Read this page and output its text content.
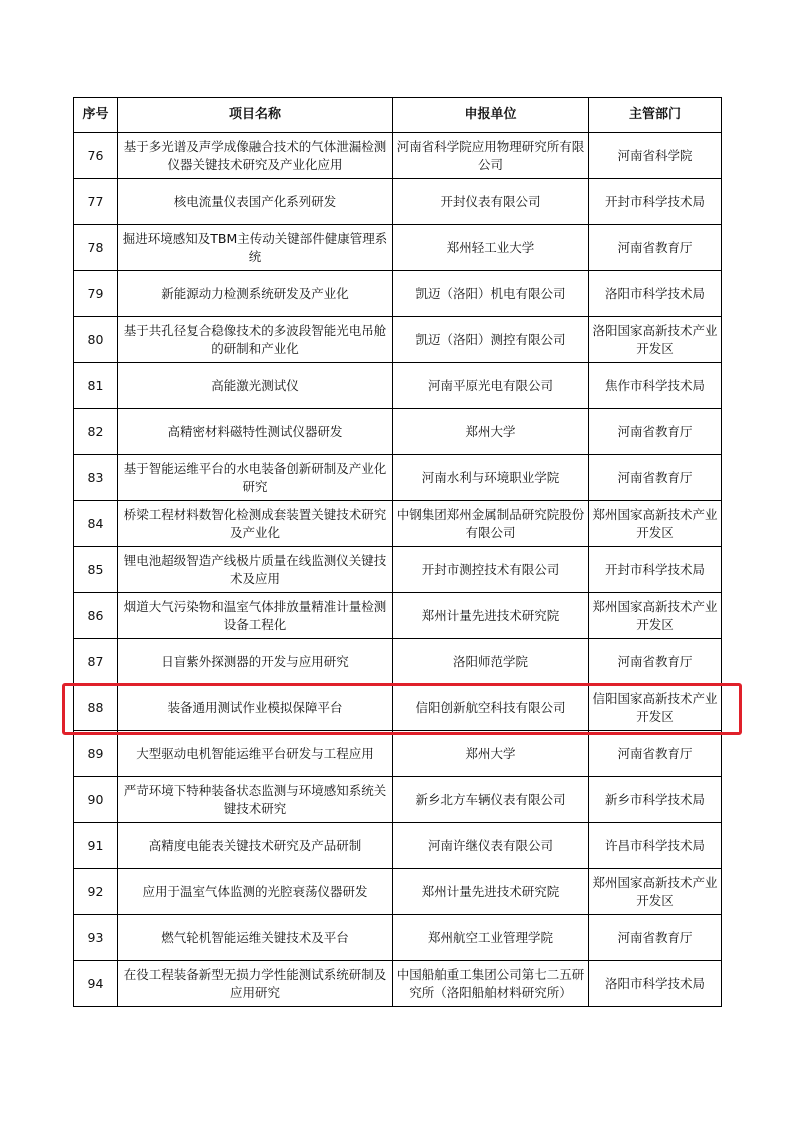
序号	项目名称	申报单位	主管部门
76	基于多光谱及声学成像融合技术的气体泄漏检测仪器关键技术研究及产业化应用	河南省科学院应用物理研究所有限公司	河南省科学院
77	核电流量仪表国产化系列研发	开封仪表有限公司	开封市科学技术局
78	掘进环境感知及TBM主传动关键部件健康管理系统	郑州轻工业大学	河南省教育厅
79	新能源动力检测系统研发及产业化	凯迈（洛阳）机电有限公司	洛阳市科学技术局
80	基于共孔径复合稳像技术的多波段智能光电吊舱的研制和产业化	凯迈（洛阳）测控有限公司	洛阳国家高新技术产业开发区
81	高能激光测试仪	河南平原光电有限公司	焦作市科学技术局
82	高精密材料磁特性测试仪器研发	郑州大学	河南省教育厅
83	基于智能运维平台的水电装备创新研制及产业化研究	河南水利与环境职业学院	河南省教育厅
84	桥梁工程材料数智化检测成套装置关键技术研究及产业化	中钢集团郑州金属制品研究院股份有限公司	郑州国家高新技术产业开发区
85	锂电池超级智造产线极片质量在线监测仪关键技术及应用	开封市测控技术有限公司	开封市科学技术局
86	烟道大气污染物和温室气体排放量精准计量检测设备工程化	郑州计量先进技术研究院	郑州国家高新技术产业开发区
87	日盲紫外探测器的开发与应用研究	洛阳师范学院	河南省教育厅
88	装备通用测试作业模拟保障平台	信阳创新航空科技有限公司	信阳国家高新技术产业开发区
89	大型驱动电机智能运维平台研发与工程应用	郑州大学	河南省教育厅
90	严苛环境下特种装备状态监测与环境感知系统关键技术研究	新乡北方车辆仪表有限公司	新乡市科学技术局
91	高精度电能表关键技术研究及产品研制	河南许继仪表有限公司	许昌市科学技术局
92	应用于温室气体监测的光腔衰荡仪器研发	郑州计量先进技术研究院	郑州国家高新技术产业开发区
93	燃气轮机智能运维关键技术及平台	郑州航空工业管理学院	河南省教育厅
94	在役工程装备新型无损力学性能测试系统研制及应用研究	中国船舶重工集团公司第七二五研究所（洛阳船舶材料研究所）	洛阳市科学技术局
